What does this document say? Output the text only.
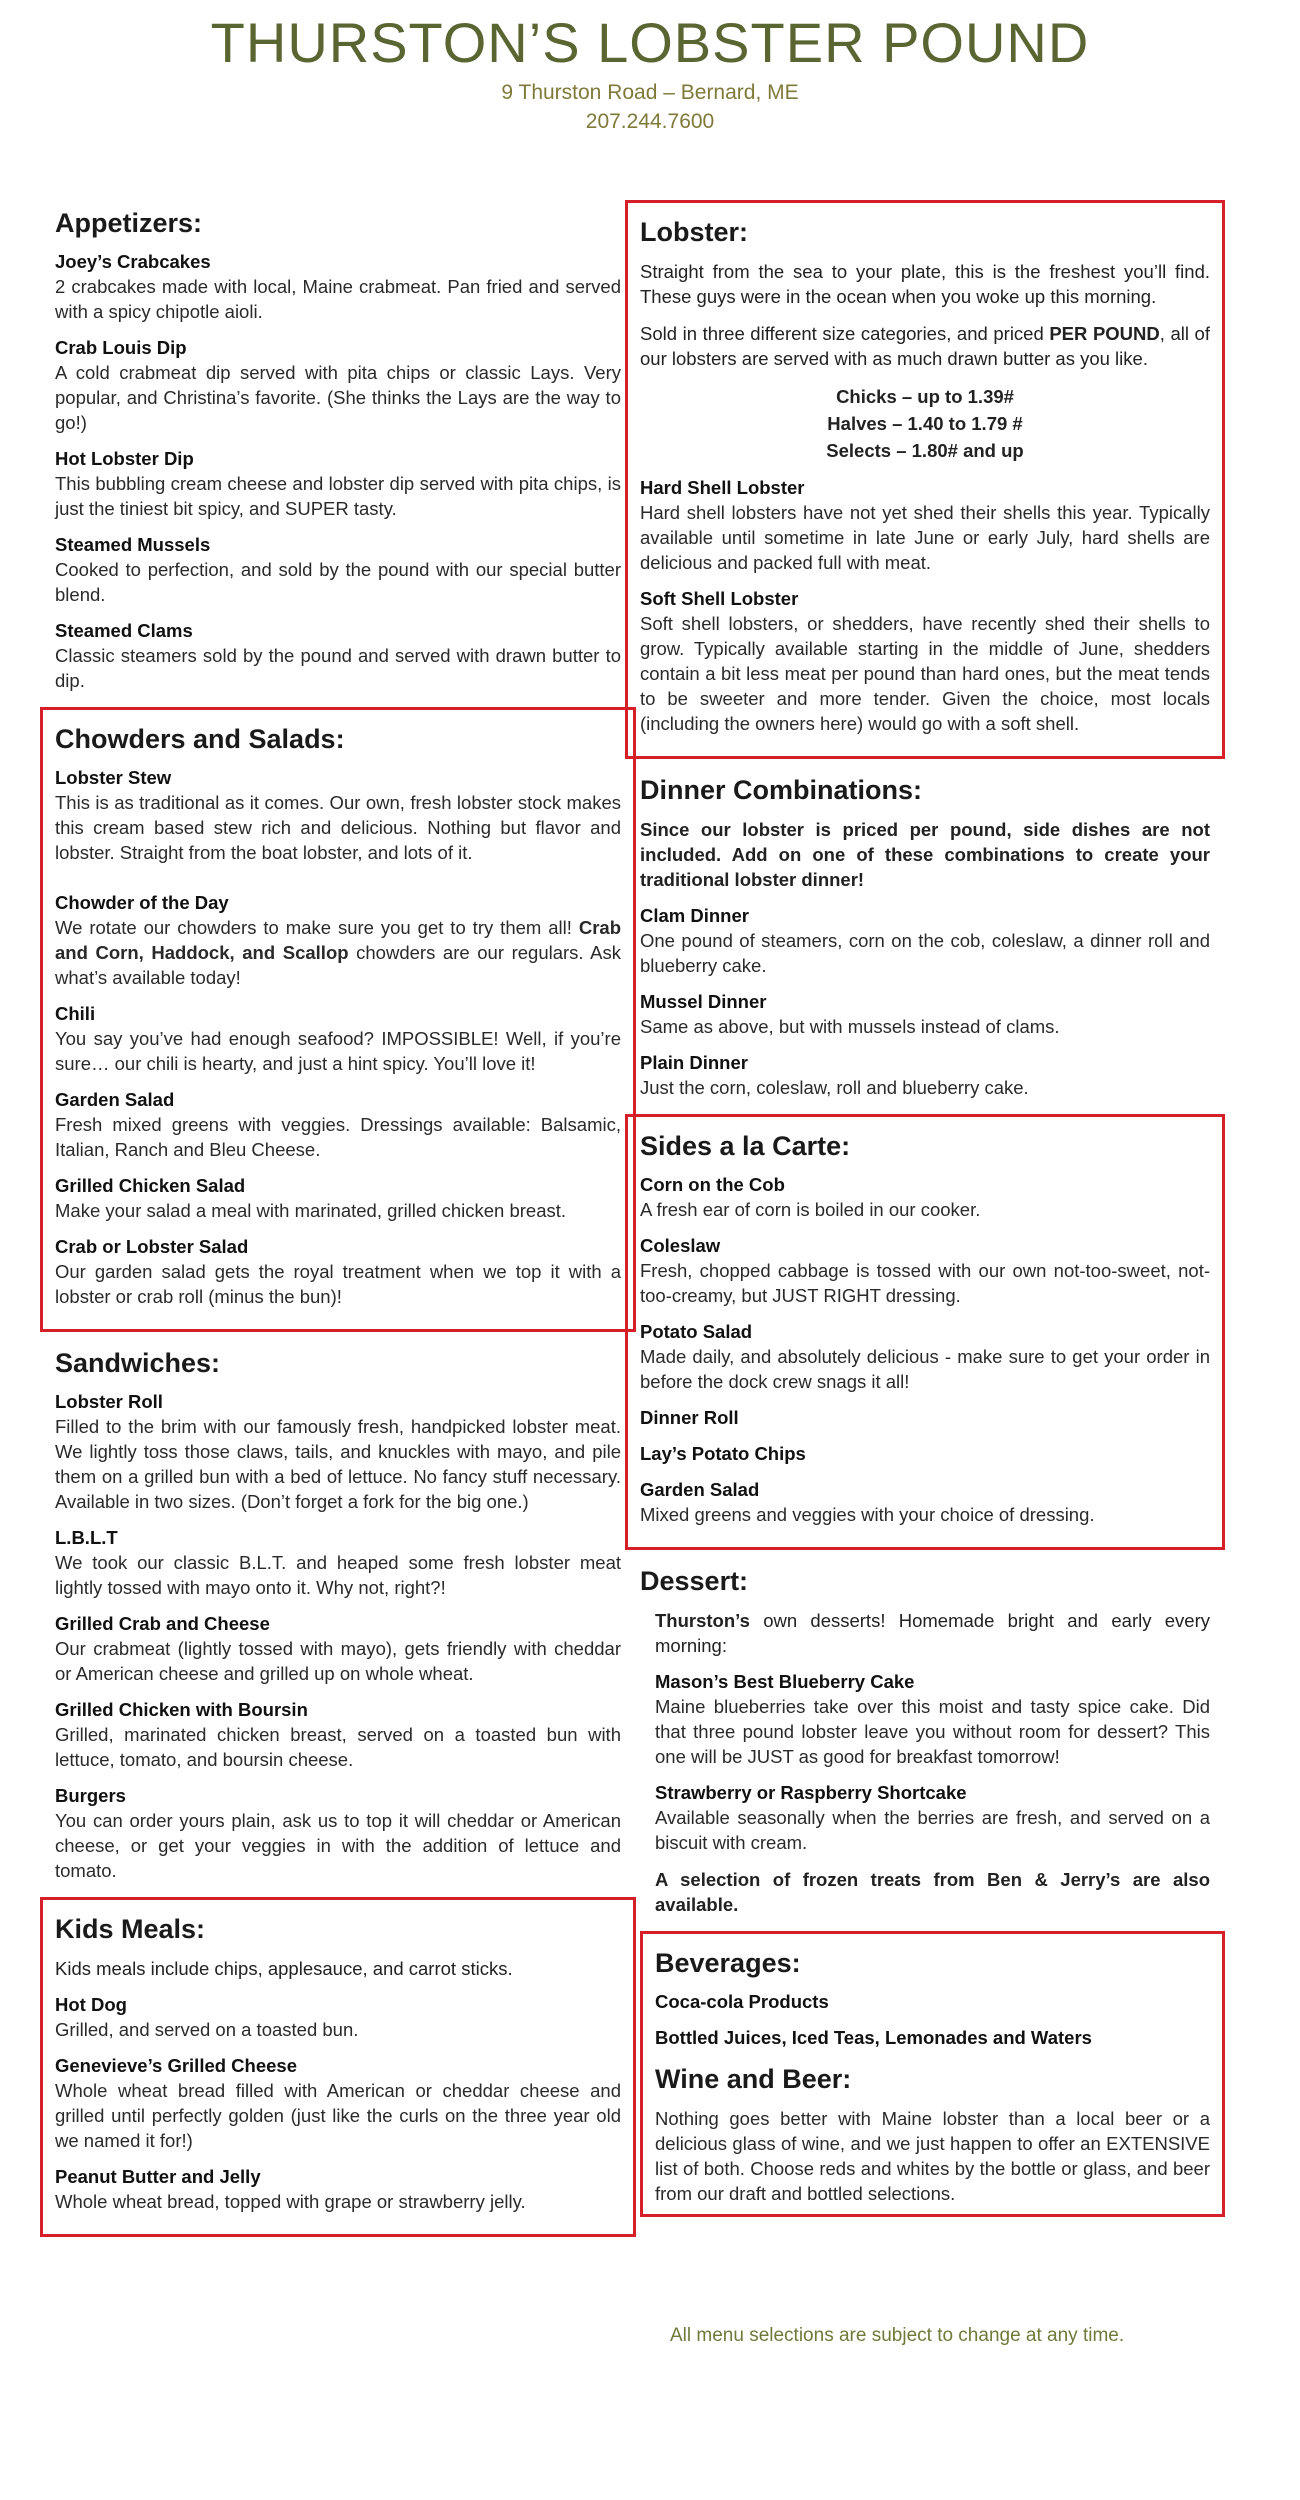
THURSTON’S LOBSTER POUND
9 Thurston Road – Bernard, ME
207.244.7600
Appetizers:
Joey’s Crabcakes
2 crabcakes made with local, Maine crabmeat. Pan fried and served with a spicy chipotle aioli.
Crab Louis Dip
A cold crabmeat dip served with pita chips or classic Lays. Very popular, and Christina’s favorite. (She thinks the Lays are the way to go!)
Hot Lobster Dip
This bubbling cream cheese and lobster dip served with pita chips, is just the tiniest bit spicy, and SUPER tasty.
Steamed Mussels
Cooked to perfection, and sold by the pound with our special butter blend.
Steamed Clams
Classic steamers sold by the pound and served with drawn butter to dip.
Chowders and Salads:
Lobster Stew
This is as traditional as it comes. Our own, fresh lobster stock makes this cream based stew rich and delicious. Nothing but flavor and lobster. Straight from the boat lobster, and lots of it.
Chowder of the Day
We rotate our chowders to make sure you get to try them all! Crab and Corn, Haddock, and Scallop chowders are our regulars. Ask what’s available today!
Chili
You say you’ve had enough seafood? IMPOSSIBLE! Well, if you’re sure… our chili is hearty, and just a hint spicy. You’ll love it!
Garden Salad
Fresh mixed greens with veggies. Dressings available: Balsamic, Italian, Ranch and Bleu Cheese.
Grilled Chicken Salad
Make your salad a meal with marinated, grilled chicken breast.
Crab or Lobster Salad
Our garden salad gets the royal treatment when we top it with a lobster or crab roll (minus the bun)!
Sandwiches:
Lobster Roll
Filled to the brim with our famously fresh, handpicked lobster meat. We lightly toss those claws, tails, and knuckles with mayo, and pile them on a grilled bun with a bed of lettuce. No fancy stuff necessary. Available in two sizes. (Don’t forget a fork for the big one.)
L.B.L.T
We took our classic B.L.T. and heaped some fresh lobster meat lightly tossed with mayo onto it. Why not, right?!
Grilled Crab and Cheese
Our crabmeat (lightly tossed with mayo), gets friendly with cheddar or American cheese and grilled up on whole wheat.
Grilled Chicken with Boursin
Grilled, marinated chicken breast, served on a toasted bun with lettuce, tomato, and boursin cheese.
Burgers
You can order yours plain, ask us to top it will cheddar or American cheese, or get your veggies in with the addition of lettuce and tomato.
Kids Meals:
Kids meals include chips, applesauce, and carrot sticks.
Hot Dog
Grilled, and served on a toasted bun.
Genevieve’s Grilled Cheese
Whole wheat bread filled with American or cheddar cheese and grilled until perfectly golden (just like the curls on the three year old we named it for!)
Peanut Butter and Jelly
Whole wheat bread, topped with grape or strawberry jelly.
Lobster:
Straight from the sea to your plate, this is the freshest you’ll find. These guys were in the ocean when you woke up this morning.
Sold in three different size categories, and priced PER POUND, all of our lobsters are served with as much drawn butter as you like.
Chicks – up to 1.39#
Halves – 1.40 to 1.79 #
Selects – 1.80# and up
Hard Shell Lobster
Hard shell lobsters have not yet shed their shells this year. Typically available until sometime in late June or early July, hard shells are delicious and packed full with meat.
Soft Shell Lobster
Soft shell lobsters, or shedders, have recently shed their shells to grow. Typically available starting in the middle of June, shedders contain a bit less meat per pound than hard ones, but the meat tends to be sweeter and more tender. Given the choice, most locals (including the owners here) would go with a soft shell.
Dinner Combinations:
Since our lobster is priced per pound, side dishes are not included. Add on one of these combinations to create your traditional lobster dinner!
Clam Dinner
One pound of steamers, corn on the cob, coleslaw, a dinner roll and blueberry cake.
Mussel Dinner
Same as above, but with mussels instead of clams.
Plain Dinner
Just the corn, coleslaw, roll and blueberry cake.
Sides a la Carte:
Corn on the Cob
A fresh ear of corn is boiled in our cooker.
Coleslaw
Fresh, chopped cabbage is tossed with our own not-too-sweet, not-too-creamy, but JUST RIGHT dressing.
Potato Salad
Made daily, and absolutely delicious - make sure to get your order in before the dock crew snags it all!
Dinner Roll
Lay’s Potato Chips
Garden Salad
Mixed greens and veggies with your choice of dressing.
Dessert:
Thurston’s own desserts! Homemade bright and early every morning:
Mason’s Best Blueberry Cake
Maine blueberries take over this moist and tasty spice cake. Did that three pound lobster leave you without room for dessert? This one will be JUST as good for breakfast tomorrow!
Strawberry or Raspberry Shortcake
Available seasonally when the berries are fresh, and served on a biscuit with cream.
A selection of frozen treats from Ben & Jerry’s are also available.
Beverages:
Coca-cola Products
Bottled Juices, Iced Teas, Lemonades and Waters
Wine and Beer:
Nothing goes better with Maine lobster than a local beer or a delicious glass of wine, and we just happen to offer an EXTENSIVE list of both. Choose reds and whites by the bottle or glass, and beer from our draft and bottled selections.
All menu selections are subject to change at any time.
